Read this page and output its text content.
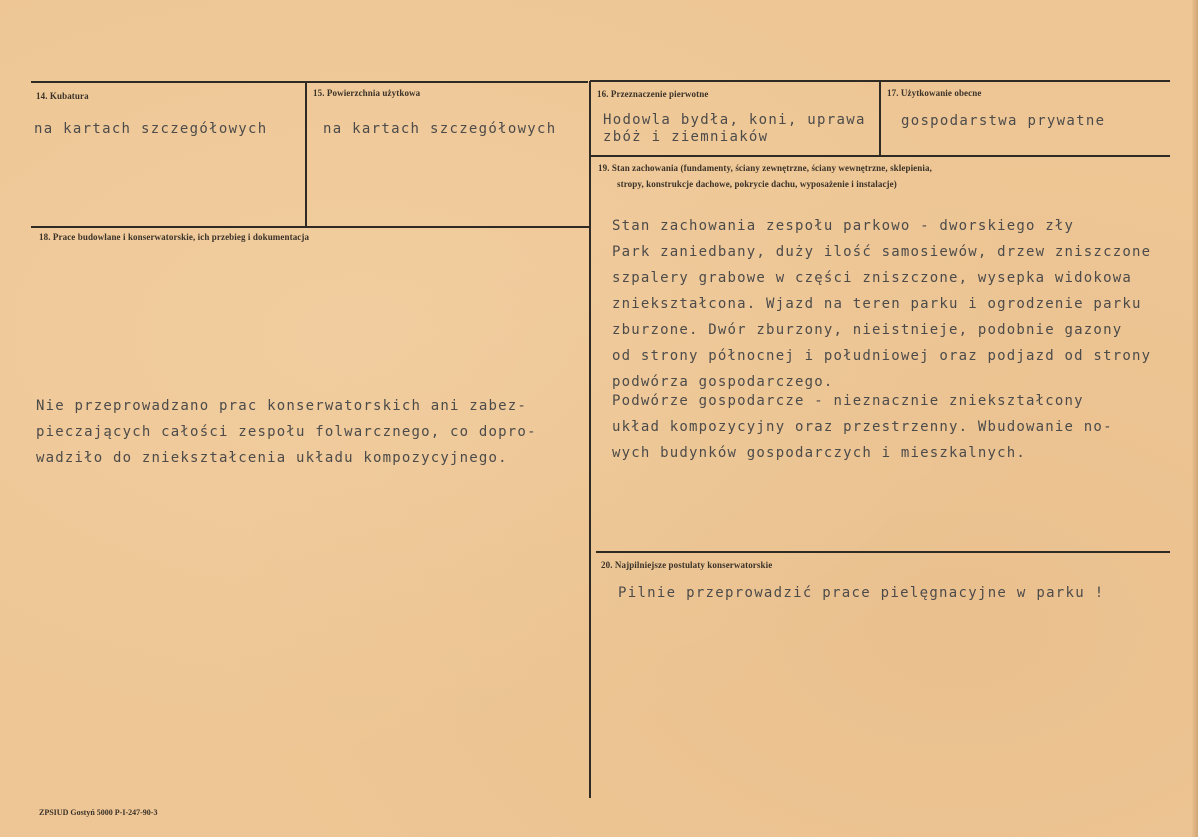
14. Kubatura
na kartach szczegółowych
15. Powierzchnia użytkowa
na kartach szczegółowych
16. Przeznaczenie pierwotne
Hodowla bydła, koni, uprawa
zbóż i ziemniaków
17. Użytkowanie obecne
gospodarstwa prywatne
19. Stan zachowania (fundamenty, ściany zewnętrzne, ściany wewnętrzne, sklepienia,
stropy, konstrukcje dachowe, pokrycie dachu, wyposażenie i instalacje)
Stan zachowania zespołu parkowo - dworskiego zły
Park zaniedbany, duży ilość samosiewów, drzew zniszczone
szpalery grabowe w części zniszczone, wysepka widokowa
zniekształcona. Wjazd na teren parku i ogrodzenie parku
zburzone. Dwór zburzony, nieistnieje, podobnie gazony
od strony północnej i południowej oraz podjazd od strony
podwórza gospodarczego.
Podwórze gospodarcze - nieznacznie zniekształcony
układ kompozycyjny oraz przestrzenny. Wbudowanie no-
wych budynków gospodarczych i mieszkalnych.
18. Prace budowlane i konserwatorskie, ich przebieg i dokumentacja
Nie przeprowadzano prac konserwatorskich ani zabez-
pieczających całości zespołu folwarcznego, co dopro-
wadziło do zniekształcenia układu kompozycyjnego.
20. Najpilniejsze postulaty konserwatorskie
Pilnie przeprowadzić prace pielęgnacyjne w parku !
ZPSIUD Gostyń 5000 P-I-247-90-3
